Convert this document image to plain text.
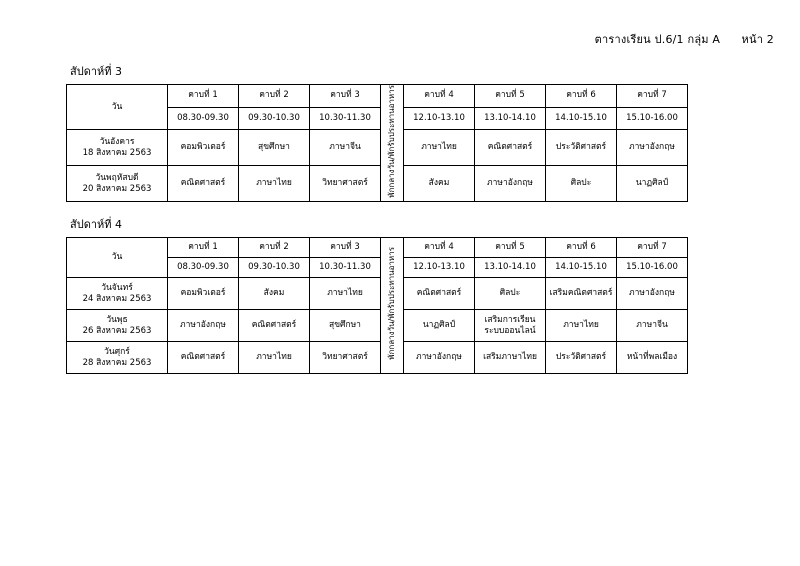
ตารางเรียน ป.6/1 กลุ่ม A หน้า 2
สัปดาห์ที่ 3
วัน	คาบที่ 1	คาบที่ 2	คาบที่ 3	พักกลางวัน/พักรับประทานอาหาร	คาบที่ 4	คาบที่ 5	คาบที่ 6	คาบที่ 7
	08.30-09.30	09.30-10.30	10.30-11.30		12.10-13.10	13.10-14.10	14.10-15.10	15.10-16.00

วันอังคาร
18 สิงหาคม 2563	คอมพิวเตอร์	สุขศึกษา	ภาษาจีน		ภาษาไทย	คณิตศาสตร์	ประวัติศาสตร์	ภาษาอังกฤษ

วันพฤหัสบดี
20 สิงหาคม 2563	คณิตศาสตร์	ภาษาไทย	วิทยาศาสตร์		สังคม	ภาษาอังกฤษ	ศิลปะ	นาฏศิลป์
สัปดาห์ที่ 4
วัน	คาบที่ 1	คาบที่ 2	คาบที่ 3	พักกลางวัน/พักรับประทานอาหาร	คาบที่ 4	คาบที่ 5	คาบที่ 6	คาบที่ 7
	08.30-09.30	09.30-10.30	10.30-11.30		12.10-13.10	13.10-14.10	14.10-15.10	15.10-16.00

วันจันทร์
24 สิงหาคม 2563	คอมพิวเตอร์	สังคม	ภาษาไทย		คณิตศาสตร์	ศิลปะ	เสริมคณิตศาสตร์	ภาษาอังกฤษ

วันพุธ
26 สิงหาคม 2563	ภาษาอังกฤษ	คณิตศาสตร์	สุขศึกษา		นาฏศิลป์	เสริมการเรียนระบบออนไลน์	ภาษาไทย	ภาษาจีน

วันศุกร์
28 สิงหาคม 2563	คณิตศาสตร์	ภาษาไทย	วิทยาศาสตร์		ภาษาอังกฤษ	เสริมภาษาไทย	ประวัติศาสตร์	หน้าที่พลเมือง
